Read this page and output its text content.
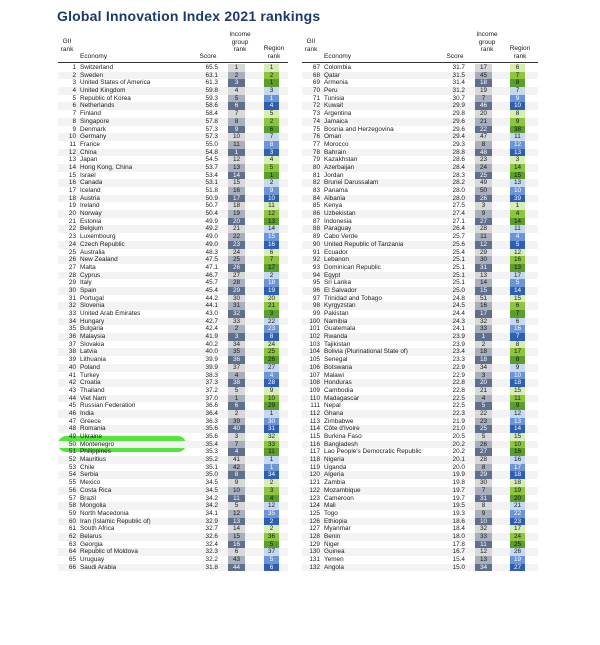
Global Innovation Index 2021 rankings
GII
rank
Economy	Score
Income
group
rank	Region
rank
GII
rank
Economy	Score
Income
group
rank	Region
rank
1 Switzerland	65.5	1	1
2 Sweden	63.1	2	2
3 United States of America	61.3	3	1
4 United Kingdom	59.8	4	3
5 Republic of Korea	59.3	5	1
6 Netherlands	58.6	6	4
7 Finland	58.4	7	5
8 Singapore	57.8	8	2
9 Denmark	57.3	9	6
10 Germany	57.3	10	7
11 France	55.0	11	8
12 China	54.8	1	3
13 Japan	54.5	12	4
14 Hong Kong, China	53.7	13	5
15 Israel	53.4	14	1
16 Canada	53.1	15	2
17 Iceland	51.8	16	9
18 Austria	50.9	17	10
19 Ireland	50.7	18	11
20 Norway	50.4	19	12
21 Estonia	49.9	20	13
22 Belgium	49.2	21	14
23 Luxembourg	49.0	22	15
24 Czech Republic	49.0	23	16
25 Australia	48.3	24	6
26 New Zealand	47.5	25	7
27 Malta	47.1	26	17
28 Cyprus	46.7	27	2
29 Italy	45.7	28	18
30 Spain	45.4	29	19
31 Portugal	44.2	30	20
32 Slovenia	44.1	31	21
33 United Arab Emirates	43.0	32	3
34 Hungary	42.7	33	22
35 Bulgaria	42.4	2	23
36 Malaysia	41.9	3	8
37 Slovakia	40.2	34	24
38 Latvia	40.0	35	25
39 Lithuania	39.9	36	26
40 Poland	39.9	37	27
41 Turkey	38.3	4	4
42 Croatia	37.3	38	28
43 Thailand	37.2	5	9
44 Viet Nam	37.0	1	10
45 Russian Federation	36.6	6	29
46 India	36.4	2	1
47 Greece	36.3	39	30
48 Romania	35.6	40	31
49 Ukraine	35.6	3	32
50 Montenegro	35.4	7	33
51 Philippines	35.3	4	11
52 Mauritius	35.2	41	1
53 Chile	35.1	42	1
54 Serbia	35.0	8	34
55 Mexico	34.5	9	2
56 Costa Rica	34.5	10	3
57 Brazil	34.2	11	4
58 Mongolia	34.2	5	12
59 North Macedonia	34.1	12	35
60 Iran (Islamic Republic of)	32.9	13	2
61 South Africa	32.7	14	2
62 Belarus	32.6	15	36
63 Georgia	32.4	16	5
64 Republic of Moldova	32.3	6	37
65 Uruguay	32.2	43	5
66 Saudi Arabia	31.8	44	6
67 Colombia	31.7	17	6
68 Qatar	31.5	45	7
69 Armenia	31.4	18	8
70 Peru	31.2	19	7
71 Tunisia	30.7	7	9
72 Kuwait	29.9	46	10
73 Argentina	29.8	20	8
74 Jamaica	29.6	21	9
75 Bosnia and Herzegovina	29.6	22	38
76 Oman	29.4	47	11
77 Morocco	29.3	8	12
78 Bahrain	28.8	48	13
79 Kazakhstan	28.6	23	3
80 Azerbaijan	28.4	24	14
81 Jordan	28.3	25	15
82 Brunei Darussalam	28.2	49	13
83 Panama	28.0	50	10
84 Albania	28.0	26	39
85 Kenya	27.5	3	1
86 Uzbekistan	27.4	9	4
87 Indonesia	27.1	27	14
88 Paraguay	26.4	28	11
89 Cabo Verde	25.7	11	4
90 United Republic of Tanzania	25.6	12	5
91 Ecuador	25.4	29	12
92 Lebanon	25.1	30	16
93 Dominican Republic	25.1	31	13
94 Egypt	25.1	13	17
95 Sri Lanka	25.1	14	5
96 El Salvador	25.0	15	14
97 Trinidad and Tobago	24.8	51	15
98 Kyrgyzstan	24.5	16	6
99 Pakistan	24.4	17	7
100 Namibia	24.3	32	6
101 Guatemala	24.1	33	16
102 Rwanda	23.9	1	7
103 Tajikistan	23.9	2	8
104 Bolivia (Plurinational State of)	23.4	18	17
105 Senegal	23.3	18	8
106 Botswana	22.9	34	9
107 Malawi	22.9	3	10
108 Honduras	22.8	20	18
109 Cambodia	22.8	21	15
110 Madagascar	22.5	4	11
111 Nepal	22.5	5	9
112 Ghana	22.3	22	12
113 Zimbabwe	21.9	23	13
114 Côte d'Ivoire	21.0	25	14
115 Burkina Faso	20.5	5	15
116 Bangladesh	20.2	26	10
117 Lao People's Democratic Republic	20.2	27	16
118 Nigeria	20.1	28	16
119 Uganda	20.0	8	17
120 Algeria	19.9	29	18
121 Zambia	19.8	30	18
122 Mozambique	19.7	7	19
123 Cameroon	19.7	31	20
124 Mali	19.5	8	21
125 Togo	19.3	9	22
126 Ethiopia	18.6	10	23
127 Myanmar	18.4	32	17
128 Benin	18.0	33	24
129 Niger	17.8	11	25
130 Guinea	16.7	12	26
131 Yemen	15.4	13	19
132 Angola	15.0	34	27
